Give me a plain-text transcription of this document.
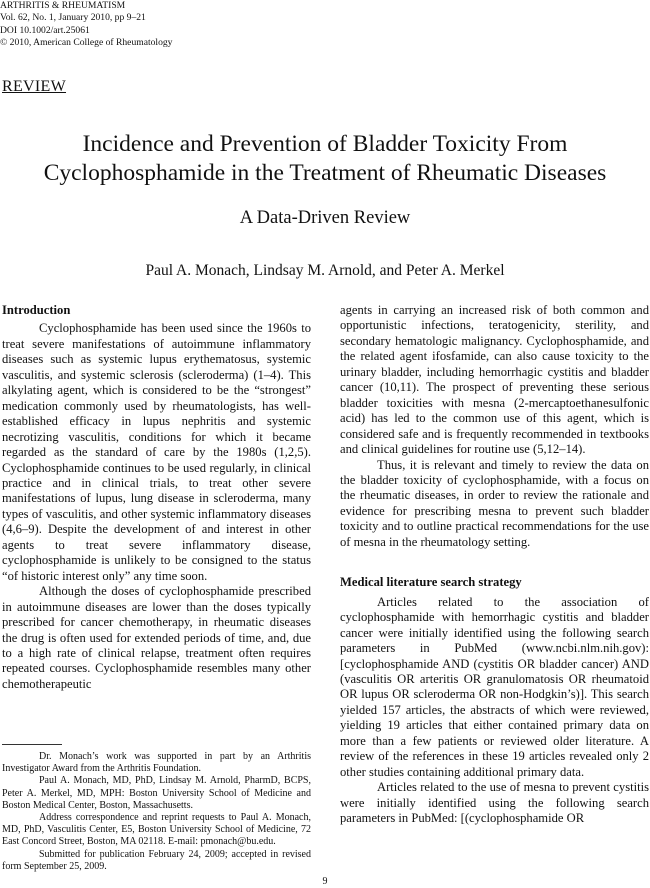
ARTHRITIS & RHEUMATISM
Vol. 62, No. 1, January 2010, pp 9–21
DOI 10.1002/art.25061
© 2010, American College of Rheumatology
REVIEW
Incidence and Prevention of Bladder Toxicity From
Cyclophosphamide in the Treatment of Rheumatic Diseases
A Data-Driven Review
Paul A. Monach, Lindsay M. Arnold, and Peter A. Merkel
Introduction

Cyclophosphamide has been used since the 1960s to treat severe manifestations of autoimmune inflammatory diseases such as systemic lupus erythematosus, systemic vasculitis, and systemic sclerosis (scleroderma) (1–4). This alkylating agent, which is considered to be the “strongest” medication commonly used by rheumatologists, has well-established efficacy in lupus nephritis and systemic necrotizing vasculitis, conditions for which it became regarded as the standard of care by the 1980s (1,2,5). Cyclophosphamide continues to be used regularly, in clinical practice and in clinical trials, to treat other severe manifestations of lupus, lung disease in scleroderma, many types of vasculitis, and other systemic inflammatory diseases (4,6–9). Despite the development of and interest in other agents to treat severe inflammatory disease, cyclophosphamide is unlikely to be consigned to the status “of historic interest only” any time soon.

Although the doses of cyclophosphamide prescribed in autoimmune diseases are lower than the doses typically prescribed for cancer chemotherapy, in rheumatic diseases the drug is often used for extended periods of time, and, due to a high rate of clinical relapse, treatment often requires repeated courses. Cyclophosphamide resembles many other chemotherapeutic

Dr. Monach’s work was supported in part by an Arthritis Investigator Award from the Arthritis Foundation.

Paul A. Monach, MD, PhD, Lindsay M. Arnold, PharmD, BCPS, Peter A. Merkel, MD, MPH: Boston University School of Medicine and Boston Medical Center, Boston, Massachusetts.

Address correspondence and reprint requests to Paul A. Monach, MD, PhD, Vasculitis Center, E5, Boston University School of Medicine, 72 East Concord Street, Boston, MA 02118. E-mail: pmonach@bu.edu.

Submitted for publication February 24, 2009; accepted in revised form September 25, 2009.

agents in carrying an increased risk of both common and opportunistic infections, teratogenicity, sterility, and secondary hematologic malignancy. Cyclophosphamide, and the related agent ifosfamide, can also cause toxicity to the urinary bladder, including hemorrhagic cystitis and bladder cancer (10,11). The prospect of preventing these serious bladder toxicities with mesna (2-mercaptoethanesulfonic acid) has led to the common use of this agent, which is considered safe and is frequently recommended in textbooks and clinical guidelines for routine use (5,12–14).

Thus, it is relevant and timely to review the data on the bladder toxicity of cyclophosphamide, with a focus on the rheumatic diseases, in order to review the rationale and evidence for prescribing mesna to prevent such bladder toxicity and to outline practical recommendations for the use of mesna in the rheumatology setting.

Medical literature search strategy

Articles related to the association of cyclophosphamide with hemorrhagic cystitis and bladder cancer were initially identified using the following search parameters in PubMed (www.ncbi.nlm.nih.gov): [cyclophosphamide AND (cystitis OR bladder cancer) AND (vasculitis OR arteritis OR granulomatosis OR rheumatoid OR lupus OR scleroderma OR non-Hodgkin’s)]. This search yielded 157 articles, the abstracts of which were reviewed, yielding 19 articles that either contained primary data on more than a few patients or reviewed older literature. A review of the references in these 19 articles revealed only 2 other studies containing additional primary data.

Articles related to the use of mesna to prevent cystitis were initially identified using the following search parameters in PubMed: [(cyclophosphamide OR

9
